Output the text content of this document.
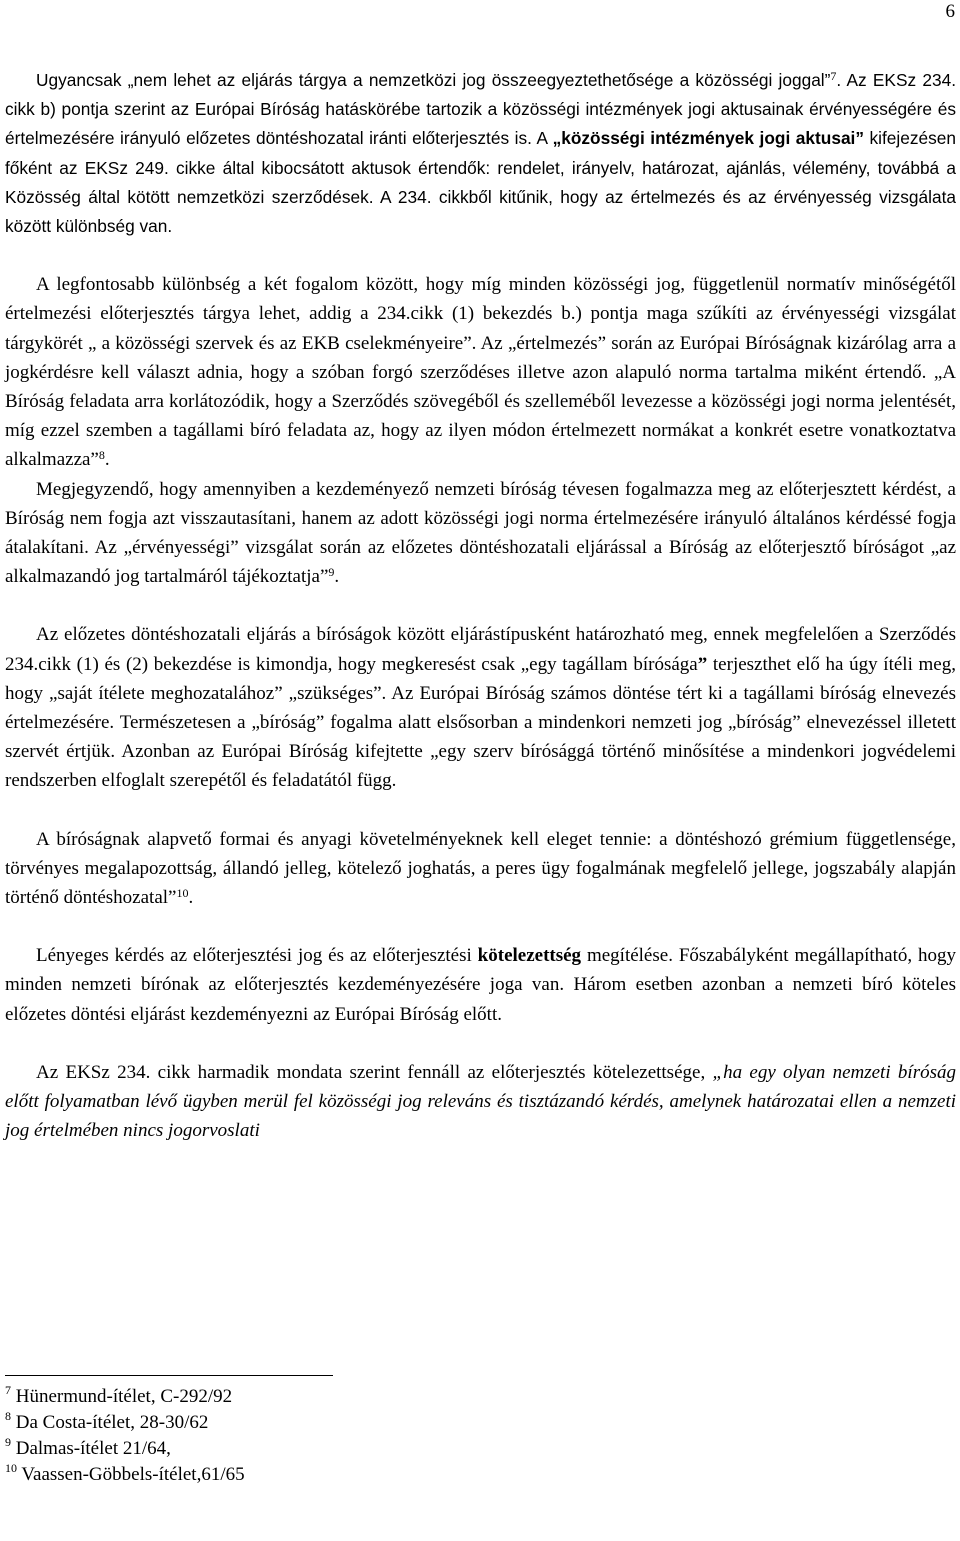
6

Ugyancsak „nem lehet az eljárás tárgya a nemzetközi jog összeegyeztethetősége a közösségi joggal”$^7$. Az EKSz 234. cikk b) pontja szerint az Európai Bíróság hatáskörébe tartozik a közösségi intézmények jogi aktusainak érvényességére és értelmezésére irányuló előzetes döntéshozatal iránti előterjesztés is. A „közösségi intézmények jogi aktusai” kifejezésen főként az EKSz 249. cikke által kibocsátott aktusok értendők: rendelet, irányelv, határozat, ajánlás, vélemény, továbbá a Közösség által kötött nemzetközi szerződések. A 234. cikkből kitűnik, hogy az értelmezés és az érvényesség vizsgálata között különbség van.

A legfontosabb különbség a két fogalom között, hogy míg minden közösségi jog, függetlenül normatív minőségétől értelmezési előterjesztés tárgya lehet, addig a 234.cikk (1) bekezdés b.) pontja maga szűkíti az érvényességi vizsgálat tárgykörét „ a közösségi szervek és az EKB cselekményeire”. Az „értelmezés” során az Európai Bíróságnak kizárólag arra a jogkérdésre kell választ adnia, hogy a szóban forgó szerződéses illetve azon alapuló norma tartalma miként értendő. „A Bíróság feladata arra korlátozódik, hogy a Szerződés szövegéből és szelleméből levezesse a közösségi jogi norma jelentését, míg ezzel szemben a tagállami bíró feladata az, hogy az ilyen módon értelmezett normákat a konkrét esetre vonatkoztatva alkalmazza”$^8$.

Megjegyzendő, hogy amennyiben a kezdeményező nemzeti bíróság tévesen fogalmazza meg az előterjesztett kérdést, a Bíróság nem fogja azt visszautasítani, hanem az adott közösségi jogi norma értelmezésére irányuló általános kérdéssé fogja átalakítani. Az „érvényességi” vizsgálat során az előzetes döntéshozatali eljárással a Bíróság az előterjesztő bíróságot „az alkalmazandó jog tartalmáról tájékoztatja”$^9$.

Az előzetes döntéshozatali eljárás a bíróságok között eljárástípusként határozható meg, ennek megfelelően a Szerződés 234.cikk (1) és (2) bekezdése is kimondja, hogy megkeresést csak „egy tagállam bírósága” terjeszthet elő ha úgy ítéli meg, hogy „saját ítélete meghozatalához” „szükséges”. Az Európai Bíróság számos döntése tért ki a tagállami bíróság elnevezés értelmezésére. Természetesen a „bíróság” fogalma alatt elsősorban a mindenkori nemzeti jog „bíróság” elnevezéssel illetett szervét értjük. Azonban az Európai Bíróság kifejtette „egy szerv bírósággá történő minősítése a mindenkori jogvédelemi rendszerben elfoglalt szerepétől és feladatától függ.

A bíróságnak alapvető formai és anyagi követelményeknek kell eleget tennie: a döntéshozó grémium függetlensége, törvényes megalapozottság, állandó jelleg, kötelező joghatás, a peres ügy fogalmának megfelelő jellege, jogszabály alapján történő döntéshozatal”$^{10}$.

Lényeges kérdés az előterjesztési jog és az előterjesztési kötelezettség megítélése. Főszabályként megállapítható, hogy minden nemzeti bírónak az előterjesztés kezdeményezésére joga van. Három esetben azonban a nemzeti bíró köteles előzetes döntési eljárást kezdeményezni az Európai Bíróság előtt.

Az EKSz 234. cikk harmadik mondata szerint fennáll az előterjesztés kötelezettsége, „ha egy olyan nemzeti bíróság előtt folyamatban lévő ügyben merül fel közösségi jog releváns és tisztázandó kérdés, amelynek határozatai ellen a nemzeti jog értelmében nincs jogorvoslati

$^7$ Hünermund-ítélet, C-292/92
$^8$ Da Costa-ítélet, 28-30/62
$^9$ Dalmas-ítélet 21/64,
$^{10}$ Vaassen-Göbbels-ítélet,61/65
